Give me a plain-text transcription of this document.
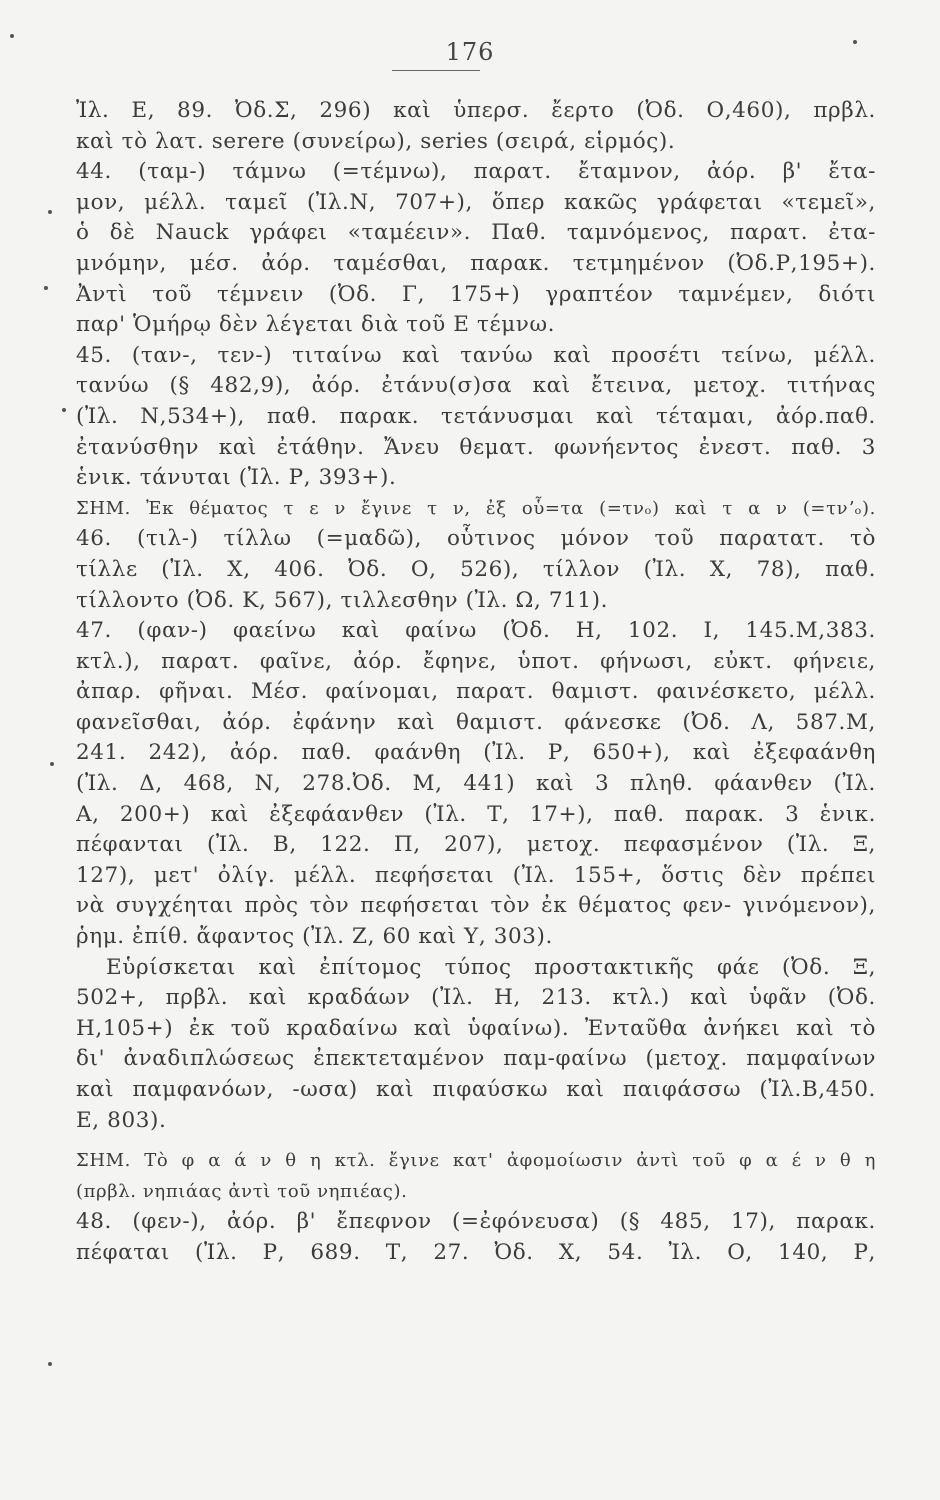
176
Ἰλ. Ε, 89. Ὀδ.Σ, 296) καὶ ὑπερσ. ἔερτο (Ὀδ. Ο,460), πρβλ.
καὶ τὸ λατ. serere (συνείρω), series (σειρά, εἱρμός).
44. (ταμ-) τάμνω (=τέμνω), παρατ. ἔταμνον, ἀόρ. β' ἔτα-
μον, μέλλ. ταμεῖ (Ἰλ.Ν, 707+), ὅπερ κακῶς γράφεται «τεμεῖ»,
ὁ δὲ Nauck γράφει «ταμέειν». Παθ. ταμνόμενος, παρατ. ἐτα-
μνόμην, μέσ. ἀόρ. ταμέσθαι, παρακ. τετμημένον (Ὀδ.Ρ,195+).
Ἀντὶ τοῦ τέμνειν (Ὀδ. Γ, 175+) γραπτέον ταμνέμεν, διότι
παρ' Ὁμήρῳ δὲν λέγεται διὰ τοῦ Ε τέμνω.
45. (ταν-, τεν-) τιταίνω καὶ τανύω καὶ προσέτι τείνω, μέλλ.
τανύω (§ 482,9), ἀόρ. ἐτάνυ(σ)σα καὶ ἔτεινα, μετοχ. τιτήνας
(Ἰλ. Ν,534+), παθ. παρακ. τετάνυσμαι καὶ τέταμαι, ἀόρ.παθ.
ἐτανύσθην καὶ ἐτάθην. Ἄνευ θεματ. φωνήεντος ἐνεστ. παθ. 3
ἑνικ. τάνυται (Ἰλ. Ρ, 393+).
ΣΗΜ. Ἐκ θέματος τ ε ν ἔγινε τ ν, ἐξ οὗ=τα (=τνₒ) καὶ τ α ν (=τνʼₒ).
46. (τιλ-) τίλλω (=μαδῶ), οὗτινος μόνον τοῦ παρατατ. τὸ
τίλλε (Ἰλ. Χ, 406. Ὀδ. Ο, 526), τίλλον (Ἰλ. Χ, 78), παθ.
τίλλοντο (Ὀδ. Κ, 567), τιλλεσθην (Ἰλ. Ω, 711).
47. (φαν-) φαείνω καὶ φαίνω (Ὀδ. Η, 102. Ι, 145.Μ,383.
κτλ.), παρατ. φαῖνε, ἀόρ. ἔφηνε, ὑποτ. φήνωσι, εὐκτ. φήνειε,
ἀπαρ. φῆναι. Μέσ. φαίνομαι, παρατ. θαμιστ. φαινέσκετο, μέλλ.
φανεῖσθαι, ἀόρ. ἐφάνην καὶ θαμιστ. φάνεσκε (Ὀδ. Λ, 587.Μ,
241. 242), ἀόρ. παθ. φαάνθη (Ἰλ. Ρ, 650+), καὶ ἐξεφαάνθη
(Ἰλ. Δ, 468, Ν, 278.Ὀδ. Μ, 441) καὶ 3 πληθ. φάανθεν (Ἰλ.
Α, 200+) καὶ ἐξεφάανθεν (Ἰλ. Τ, 17+), παθ. παρακ. 3 ἑνικ.
πέφανται (Ἰλ. Β, 122. Π, 207), μετοχ. πεφασμένον (Ἰλ. Ξ,
127), μετ' ὀλίγ. μέλλ. πεφήσεται (Ἰλ. 155+, ὅστις δὲν πρέπει
νὰ συγχέηται πρὸς τὸν πεφήσεται τὸν ἐκ θέματος φεν- γινόμενον),
ῥημ. ἐπίθ. ἄφαντος (Ἰλ. Ζ, 60 καὶ Υ, 303).
Εὑρίσκεται καὶ ἐπίτομος τύπος προστακτικῆς φάε (Ὀδ. Ξ,
502+, πρβλ. καὶ κραδάων (Ἰλ. Η, 213. κτλ.) καὶ ὑφᾶν (Ὀδ.
Η,105+) ἐκ τοῦ κραδαίνω καὶ ὑφαίνω). Ἐνταῦθα ἀνήκει καὶ τὸ
δι' ἀναδιπλώσεως ἐπεκτεταμένον παμ-φαίνω (μετοχ. παμφαίνων
καὶ παμφανόων, -ωσα) καὶ πιφαύσκω καὶ παιφάσσω (Ἰλ.Β,450.
Ε, 803).
ΣΗΜ. Τὸ φ α ά ν θ η κτλ. ἔγινε κατ' ἀφομοίωσιν ἀντὶ τοῦ φ α έ ν θ η
(πρβλ. νηπιάας ἀντὶ τοῦ νηπιέας).
48. (φεν-), ἀόρ. β' ἔπεφνον (=ἐφόνευσα) (§ 485, 17), παρακ.
πέφαται (Ἰλ. Ρ, 689. Τ, 27. Ὀδ. Χ, 54. Ἰλ. Ο, 140, Ρ,
